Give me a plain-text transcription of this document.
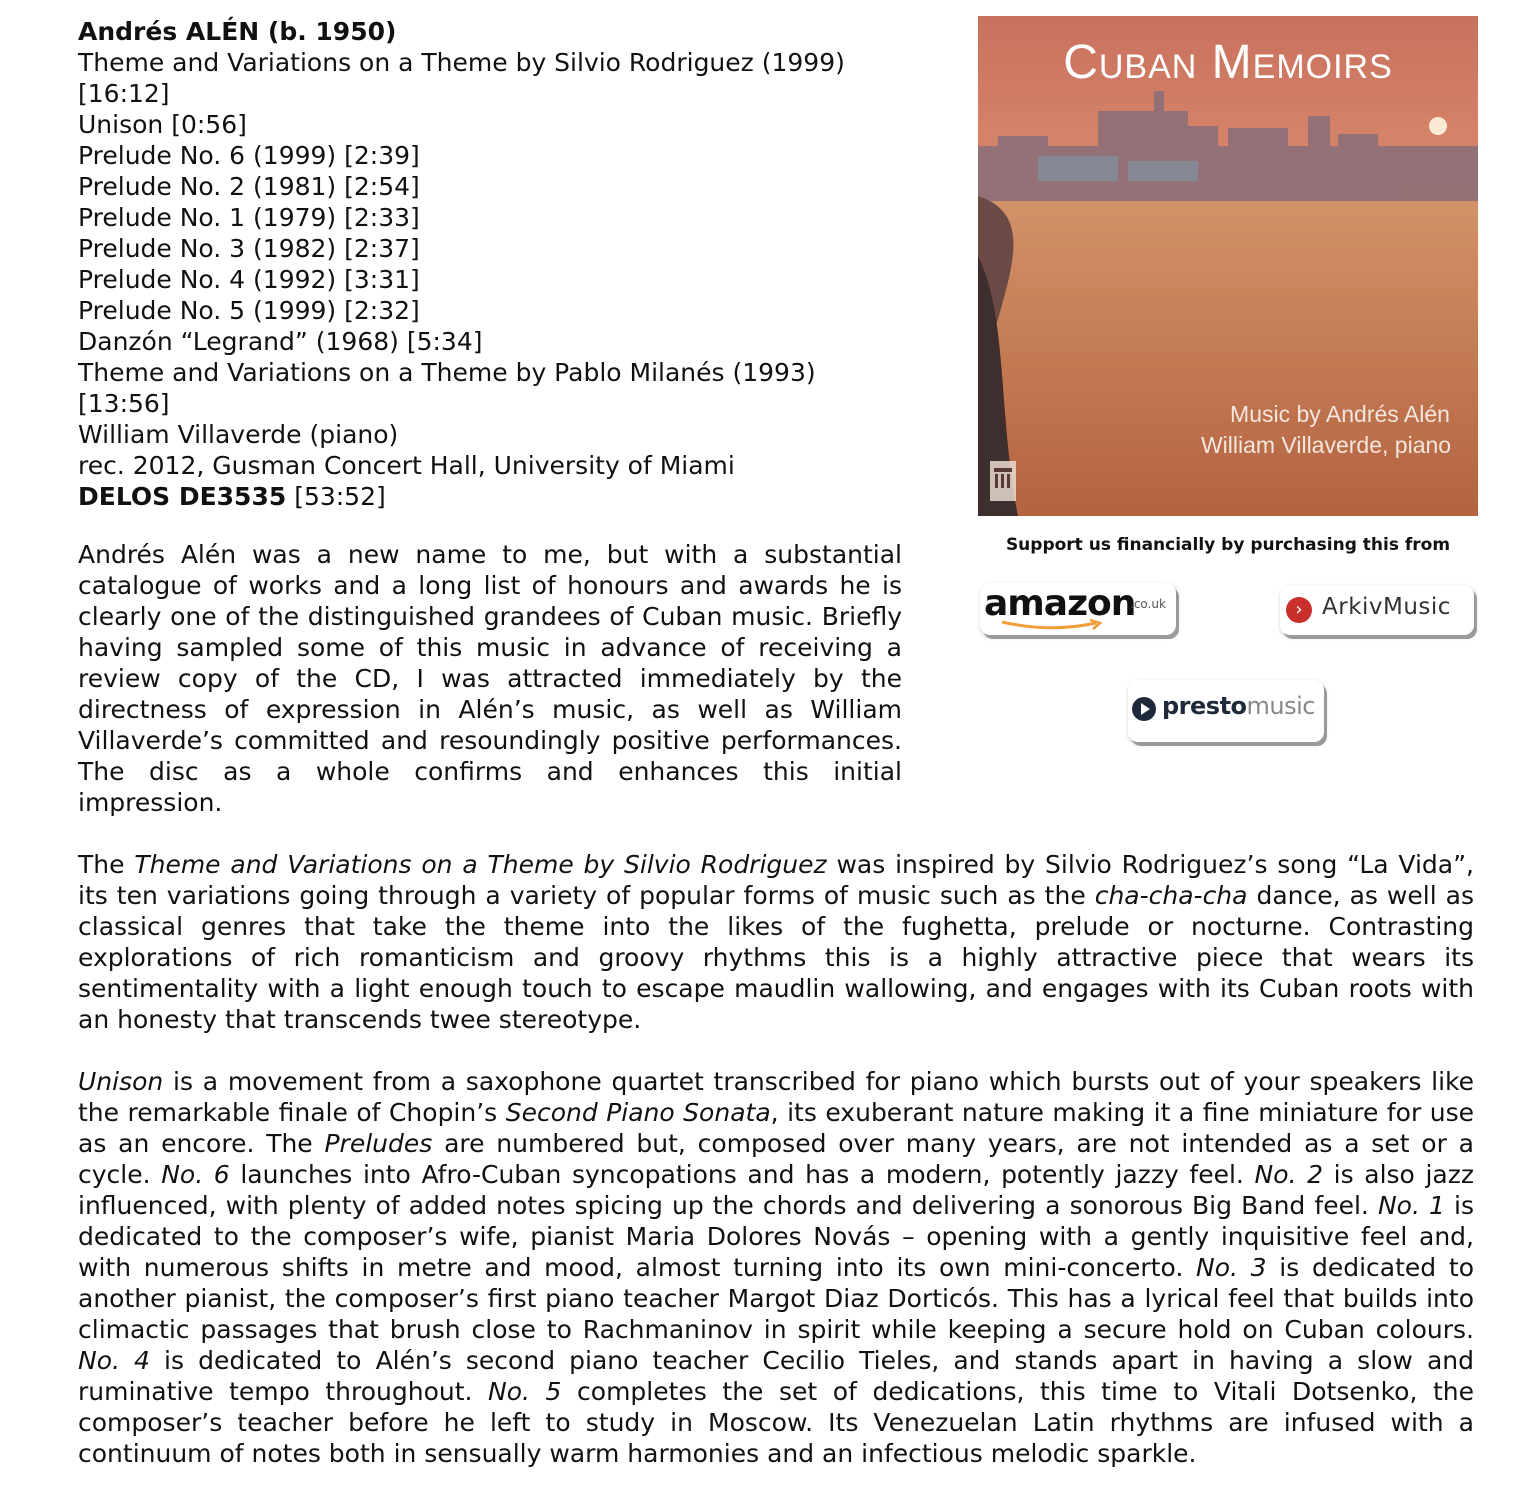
Andrés ALÉN (b. 1950)
Theme and Variations on a Theme by Silvio Rodriguez (1999)
[16:12]
Unison [0:56]
Prelude No. 6 (1999) [2:39]
Prelude No. 2 (1981) [2:54]
Prelude No. 1 (1979) [2:33]
Prelude No. 3 (1982) [2:37]
Prelude No. 4 (1992) [3:31]
Prelude No. 5 (1999) [2:32]
Danzón “Legrand” (1968) [5:34]
Theme and Variations on a Theme by Pablo Milanés (1993)
[13:56]
William Villaverde (piano)
rec. 2012, Gusman Concert Hall, University of Miami
DELOS DE3535 [53:52]
Cuban Memoirs
Music by Andrés Alén
William Villaverde, piano
Support us financially by purchasing this from
amazon
.co.uk	› ArkivMusic
prestomusic

Andrés Alén was a new name to me, but with a substantial catalogue of works and a long list of honours and awards he is clearly one of the distinguished grandees of Cuban music. Briefly having sampled some of this music in advance of receiving a review copy of the CD, I was attracted immediately by the directness of expression in Alén’s music, as well as William Villaverde’s committed and resoundingly positive performances. The disc as a whole confirms and enhances this initial impression.

The Theme and Variations on a Theme by Silvio Rodriguez was inspired by Silvio Rodriguez’s song “La Vida”, its ten variations going through a variety of popular forms of music such as the cha-cha-cha dance, as well as classical genres that take the theme into the likes of the fughetta, prelude or nocturne. Contrasting explorations of rich romanticism and groovy rhythms this is a highly attractive piece that wears its sentimentality with a light enough touch to escape maudlin wallowing, and engages with its Cuban roots with an honesty that transcends twee stereotype.

Unison is a movement from a saxophone quartet transcribed for piano which bursts out of your speakers like the remarkable finale of Chopin’s Second Piano Sonata, its exuberant nature making it a fine miniature for use as an encore. The Preludes are numbered but, composed over many years, are not intended as a set or a cycle. No. 6 launches into Afro-Cuban syncopations and has a modern, potently jazzy feel. No. 2 is also jazz influenced, with plenty of added notes spicing up the chords and delivering a sonorous Big Band feel. No. 1 is dedicated to the composer’s wife, pianist Maria Dolores Novás – opening with a gently inquisitive feel and, with numerous shifts in metre and mood, almost turning into its own mini-concerto. No. 3 is dedicated to another pianist, the composer’s first piano teacher Margot Diaz Dorticós. This has a lyrical feel that builds into climactic passages that brush close to Rachmaninov in spirit while keeping a secure hold on Cuban colours. No. 4 is dedicated to Alén’s second piano teacher Cecilio Tieles, and stands apart in having a slow and ruminative tempo throughout. No. 5 completes the set of dedications, this time to Vitali Dotsenko, the composer’s teacher before he left to study in Moscow. Its Venezuelan Latin rhythms are infused with a continuum of notes both in sensually warm harmonies and an infectious melodic sparkle.
